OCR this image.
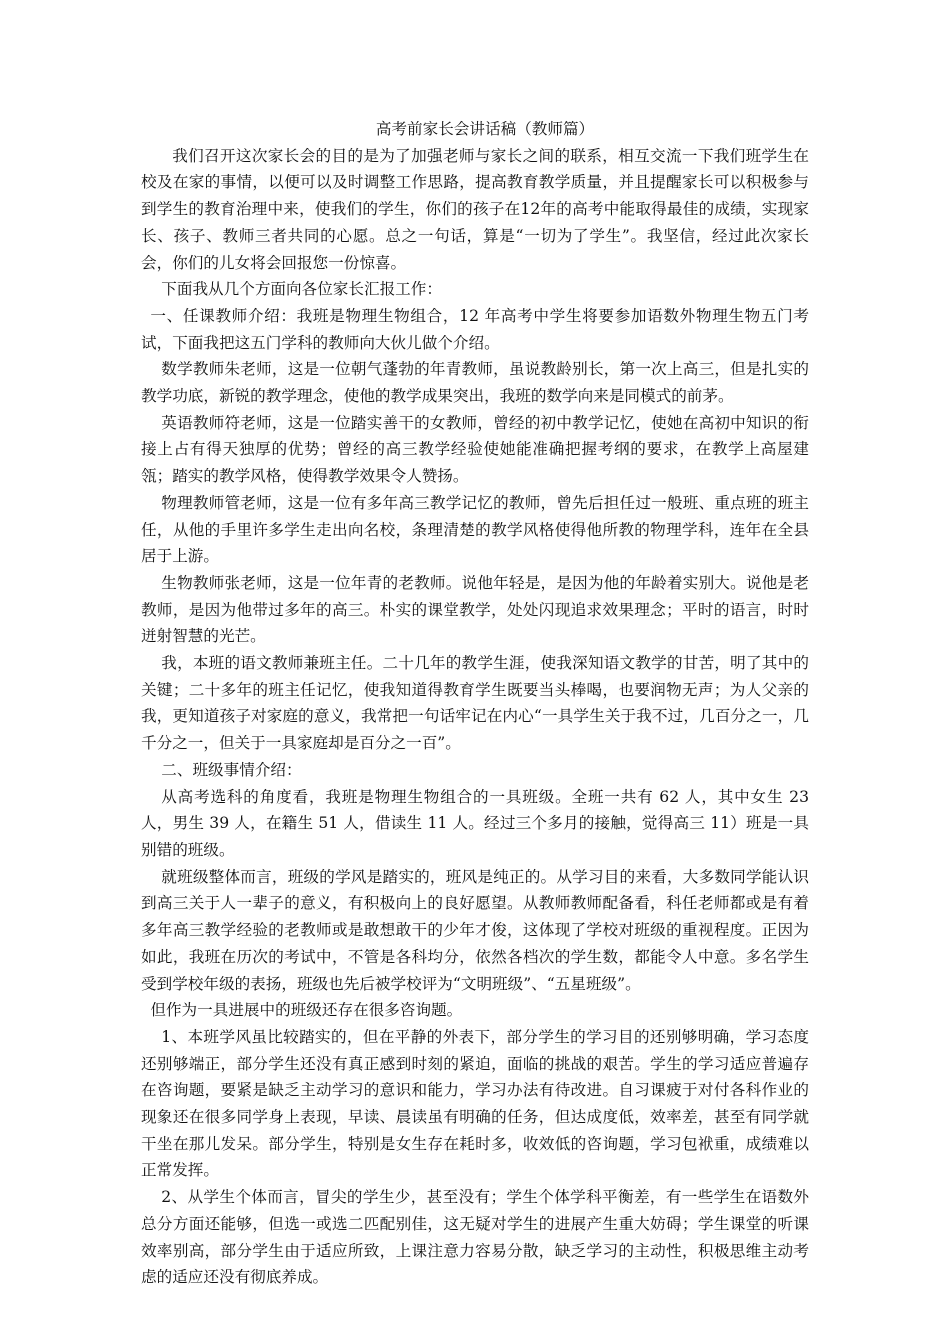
高考前家长会讲话稿（教师篇）

我们召开这次家长会的目的是为了加强老师与家长之间的联系，相互交流一下我们班学生在校及在家的事情，以便可以及时调整工作思路，提高教育教学质量，并且提醒家长可以积极参与到学生的教育治理中来，使我们的学生，你们的孩子在12年的高考中能取得最佳的成绩，实现家长、孩子、教师三者共同的心愿。总之一句话，算是“一切为了学生”。我坚信，经过此次家长会，你们的儿女将会回报您一份惊喜。

下面我从几个方面向各位家长汇报工作：

一、任课教师介绍：我班是物理生物组合，12 年高考中学生将要参加语数外物理生物五门考试，下面我把这五门学科的教师向大伙儿做个介绍。

数学教师朱老师，这是一位朝气蓬勃的年青教师，虽说教龄别长，第一次上高三，但是扎实的教学功底，新锐的教学理念，使他的教学成果突出，我班的数学向来是同模式的前茅。

英语教师符老师，这是一位踏实善干的女教师，曾经的初中教学记忆，使她在高初中知识的衔接上占有得天独厚的优势；曾经的高三教学经验使她能准确把握考纲的要求，在教学上高屋建瓴；踏实的教学风格，使得教学效果令人赞扬。

物理教师管老师，这是一位有多年高三教学记忆的教师，曾先后担任过一般班、重点班的班主任，从他的手里许多学生走出向名校，条理清楚的教学风格使得他所教的物理学科，连年在全县居于上游。

生物教师张老师，这是一位年青的老教师。说他年轻是，是因为他的年龄着实别大。说他是老教师，是因为他带过多年的高三。朴实的课堂教学，处处闪现追求效果理念；平时的语言，时时迸射智慧的光芒。

我，本班的语文教师兼班主任。二十几年的教学生涯，使我深知语文教学的甘苦，明了其中的关键；二十多年的班主任记忆，使我知道得教育学生既要当头棒喝，也要润物无声；为人父亲的我，更知道孩子对家庭的意义，我常把一句话牢记在内心“一具学生关于我不过，几百分之一，几千分之一，但关于一具家庭却是百分之一百”。

二、班级事情介绍：

从高考选科的角度看，我班是物理生物组合的一具班级。全班一共有 62 人，其中女生 23 人，男生 39 人，在籍生 51 人，借读生 11 人。经过三个多月的接触，觉得高三 11）班是一具别错的班级。

就班级整体而言，班级的学风是踏实的，班风是纯正的。从学习目的来看，大多数同学能认识到高三关于人一辈子的意义，有积极向上的良好愿望。从教师教师配备看，科任老师都或是有着多年高三教学经验的老教师或是敢想敢干的少年才俊，这体现了学校对班级的重视程度。正因为如此，我班在历次的考试中，不管是各科均分，依然各档次的学生数，都能令人中意。多名学生受到学校年级的表扬，班级也先后被学校评为“文明班级”、“五星班级”。

但作为一具进展中的班级还存在很多咨询题。

1、本班学风虽比较踏实的，但在平静的外表下，部分学生的学习目的还别够明确，学习态度还别够端正，部分学生还没有真正感到时刻的紧迫，面临的挑战的艰苦。学生的学习适应普遍存在咨询题，要紧是缺乏主动学习的意识和能力，学习办法有待改进。自习课疲于对付各科作业的现象还在很多同学身上表现，早读、晨读虽有明确的任务，但达成度低，效率差，甚至有同学就干坐在那儿发呆。部分学生，特别是女生存在耗时多，收效低的咨询题，学习包袱重，成绩难以正常发挥。

2、从学生个体而言，冒尖的学生少，甚至没有；学生个体学科平衡差，有一些学生在语数外总分方面还能够，但选一或选二匹配别佳，这无疑对学生的进展产生重大妨碍；学生课堂的听课效率别高，部分学生由于适应所致，上课注意力容易分散，缺乏学习的主动性，积极思维主动考虑的适应还没有彻底养成。
